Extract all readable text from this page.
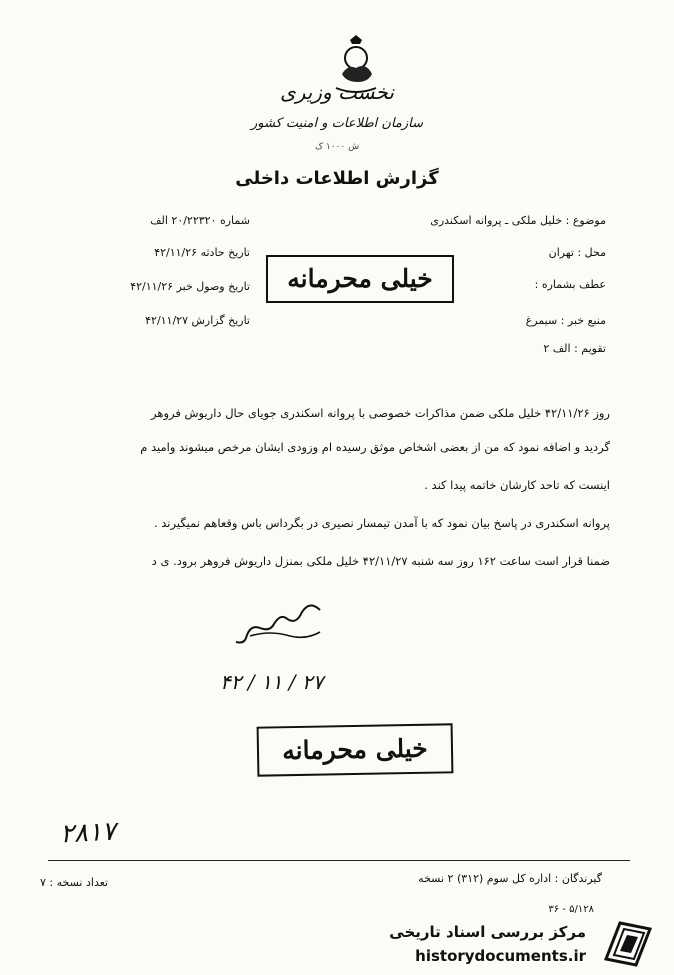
نخست وزیری
سازمان اطلاعات و امنیت کشور
ش ۱۰۰۰ ک
گزارش اطلاعات داخلی
موضوع : خلیل ملکی ـ پروانه اسکندری
محل : تهران
عطف بشماره :
منبع خبر : سیمرغ
تقویم : الف ۲
شماره ۲۰/۲۲۳۲۰ الف
تاریخ حادثه ۴۲/۱۱/۲۶
تاریخ وصول خبر ۴۲/۱۱/۲۶
تاریخ گزارش ۴۲/۱۱/۲۷
خیلی محرمانه
روز ۴۲/۱۱/۲۶ خلیل ملکی ضمن مذاکرات خصوصی با پروانه اسکندری جویای حال داریوش فروهر
گردید و اضافه نمود که من از بعضی اشخاص موثق رسیده ام وزودی ایشان مرخص میشوند وامید م
اینست که تاحد کارشان خاتمه پیدا کند .
پروانه اسکندری در پاسخ بیان نمود که با آمدن تیمسار نصیری در بگرداس باس وقعاهم نمیگیرند .
ضمنا قرار است ساعت ۱۶۲ روز سه شنبه ۴۲/۱۱/۲۷ خلیل ملکی بمنزل داریوش فروهر برود. ی د
۲۷ / ۱۱ / ۴۲
خیلی محرمانه
۲۸۱۷
تعداد نسخه : ۷	گیرندگان : اداره کل سوم (۳۱۲) ۲ نسخه
۵/۱۲۸ - ۳۶
مرکز بررسی اسناد تاریخی
historydocuments.ir
